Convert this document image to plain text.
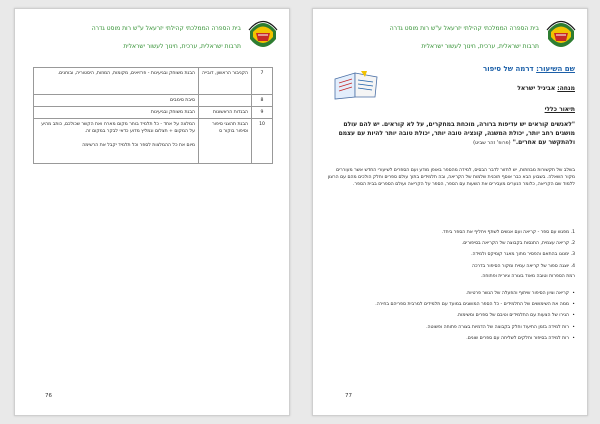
בית הספרה הממלכתי קהילתי יזרעאל ע"ש רות מוסט גדרה
תרבות ישראלית, ערכית, חינוך לעשור ישראלית
7	הקניבור הראשון, דובייה	הבנת משוחק ובגיעינות - פרזיאים, מקומות, המוזות, היסטוריה, ובוחנים.
8		סיבת סימבים
9	הבנדות הראשונות	הבנת משוחק ובגיעינות
10	הבנת תהצגי סיפור וסיפור בוקור ס	המלצה על אחד - כל תלמיד בוחר מקום מארח ואת הקשר שכולכם, כותב מהיע על המקום + תצלום ונמליץ מדוע כדאי לבקר במקום זה.

מיום את כל ההמלצות לספר וכל תלמיד יקבל את הרשימה
76
בית הספרה הממלכתי קהילתי יזרעאל ע"ש רות מוסט גדרה
תרבות ישראלית, ערכית, חינוך לעשור ישראלית
שם השיעור: דרמה של סיפור
מנחה: אביגיל ישראל
תיאור כללי
"לאנשים קוראים יש עדיפות ברורה, מוכחת במחקרים, על לא קוראים. יש להם עולם מושגים רחב יותר, יכולת המשגה, קונציה טובה יותר, יכולת טובה יותר להיות עם עצמם ולהתקשר עם אחרים." (פרופ' זהר שביט)
בשלב של תקשורות מבוזתות, יש לחזור לדבר הבסיס, למידה מהספר באופן מודע ועם הספרים לשיעורי החדש אשר מעוררים מקור השאלה. בשבוע הבא כבר אוסף תוכנית שלמות של הקריאה, ובה תלמידים בתוך עולם ספרים וחלק הולכים מהם עם הרצון ללמוד שם הקריאה, כלומר הנערים מעבירים את השעות עם הספר, הספר על הקריאה ועולם הספרים בבית הספר.
1. מפגש עם ספר - קריאה ועם אנשים לשתף ויחליף את הספר ביחד.
2. קריאה עצמית, התנסות בקבוצה של הקריאה בסיפורים.
3. ימנוגו בהתאם והפסיר מתוך מאגר קומיקס ולמידה.
4. יוצגה ספור של קריאה עמית ומקור הסיפור בדרכה
רמת הספרות וטובה מאוד בצורה ציורית ופתוחה.
• קריאה וציון הסיפור שיתוף והפעלה של הנשר פרטיות.
• ממה את השימושים של התלמידים - כל הספר המושגים במועד עם תלמידים למרבית ספריהם בחירה.
• הגירו של הצעות עם התלמידים וטיבם של ספרים ומשימות.
• רות למידה בזמן התיעוד וחלק בקבוצה של הדמיות בצורה פתוחה ופשוטה.
• רות למידה בסיפור וחלקים לשליחה עם ספרים שונים.
77
